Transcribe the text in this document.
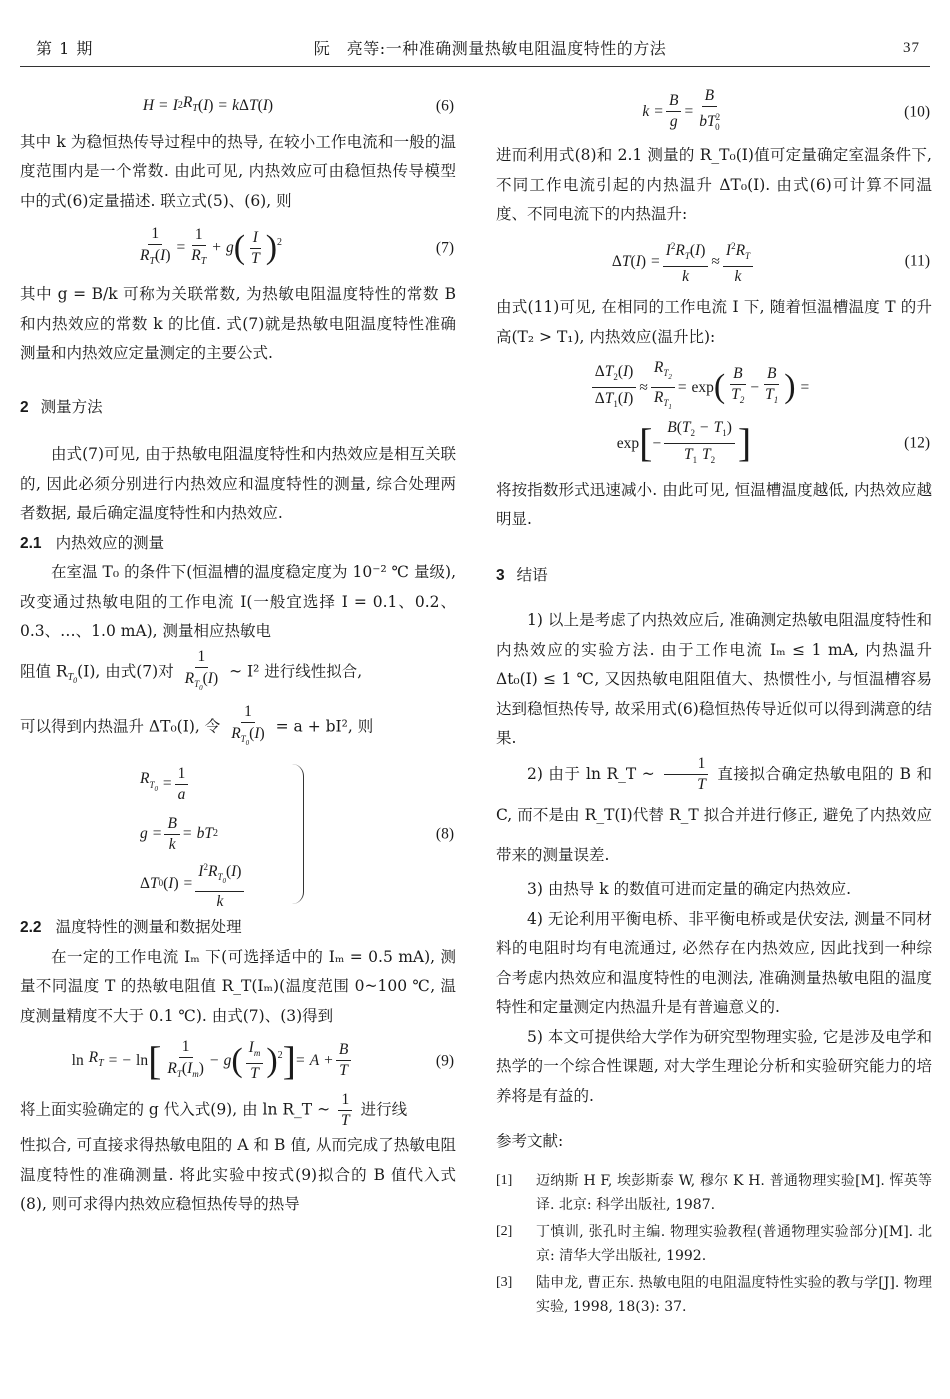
第 1 期	阮　亮等:一种准确测量热敏电阻温度特性的方法	37
H
=
I 2 $R_T$ ( I )
=
k Δ T ( I )	(6)

其中 k 为稳恒热传导过程中的热导, 在较小工作电流和一般的温度范围内是一个常数. 由此可见, 内热效应可由稳恒热传导模型中的式(6)定量描述. 联立式(5)、(6), 则

$\frac{1}{R_T(I)} = \frac{1}{R_T}$ +
g ( $\frac{I}{T} )^2$	(7)

其中 g = B/k 可称为关联常数, 为热敏电阻温度特性的常数 B 和内热效应的常数 k 的比值. 式(7)就是热敏电阻温度特性准确测量和内热效应定量测定的主要公式.

2 测量方法

由式(7)可见, 由于热敏电阻温度特性和内热效应是相互关联的, 因此必须分别进行内热效应和温度特性的测量, 综合处理两者数据, 最后确定温度特性和内热效应.

2.1 内热效应的测量

在室温 T₀ 的条件下(恒温槽的温度稳定度为 10⁻² ℃ 量级), 改变通过热敏电阻的工作电流 I(一般宜选择 I = 0.1、0.2、0.3、…、1.0 mA), 测量相应热敏电

阻值 $R_{T_0}(I)$, 由式(7)对 $\frac{1}{R_{T_0}(I)}$ ~ I² 进行线性拟合,

可以得到内热温升 ΔT₀(I), 令 $\frac{1}{R_{T_0}(I)} = a + bI^2$, 则

$R_{T_0}$
= $\frac{1}{a}$
g
= $\frac{B}{k}$ =
bT 2
Δ T 0 ( I )
= $\frac{I^2R_{T_0}(I)}{k}$
(8)
2.2 温度特性的测量和数据处理

在一定的工作电流 Iₘ 下(可选择适中的 Iₘ = 0.5 mA), 测量不同温度 T 的热敏电阻值 R_T(Iₘ)(温度范围 0~100 ℃, 温度测量精度不大于 0.1 ℃). 由式(7)、(3)得到

ln
$R_T$
=
−
ln [ $\frac{1}{R_T(I_m)}$ −
g ( $\frac{I_m}{T} )^2$ ] =
A
+ $\frac{B}{T}$	(9)

将上面实验确定的 g 代入式(9), 由 ln R_T ~ $\frac{1}{T}$ 进行线

性拟合, 可直接求得热敏电阻的 A 和 B 值, 从而完成了热敏电阻温度特性的准确测量. 将此实验中按式(9)拟合的 B 值代入式(8), 则可求得内热效应稳恒热传导的热导

k
= $\frac{B}{g} = \frac{B}{bT^2_0}$	(10)

进而利用式(8)和 2.1 测量的 R_T₀(I)值可定量确定室温条件下, 不同工作电流引起的内热温升 ΔT₀(I). 由式(6)可计算不同温度、不同电流下的内热温升:

Δ T ( I )
= $\frac{I^2R_T(I)}{k} \approx \frac{I^2R_T}{k}$	(11)

由式(11)可见, 在相同的工作电流 I 下, 随着恒温槽温度 T 的升高(T₂ > T₁), 内热效应(温升比):

$\frac{\Delta T_2(I)}{\Delta T_1(I)} \approx \frac{R_{T_2}}{R_{T_1}}$ =
exp ( $\frac{B}{T_2} - \frac{B}{T_1}$ )
=
exp [ − $\frac{B(T_2 - T_1)}{T_1 T_2}$ ]	(12)

将按指数形式迅速减小. 由此可见, 恒温槽温度越低, 内热效应越明显.

3 结语

1) 以上是考虑了内热效应后, 准确测定热敏电阻温度特性和内热效应的实验方法. 由于工作电流 Iₘ ≤ 1 mA, 内热温升 Δt₀(I) ≤ 1 ℃, 又因热敏电阻阻值大、热惯性小, 与恒温槽容易达到稳恒热传导, 故采用式(6)稳恒热传导近似可以得到满意的结果.

2) 由于 ln R_T ~ $\frac{1}{T}$ 直接拟合确定热敏电阻的 B 和 C, 而不是由 R_T(I)代替 R_T 拟合并进行修正, 避免了内热效应带来的测量误差.

3) 由热导 k 的数值可进而定量的确定内热效应.

4) 无论利用平衡电桥、非平衡电桥或是伏安法, 测量不同材料的电阻时均有电流通过, 必然存在内热效应, 因此找到一种综合考虑内热效应和温度特性的电测法, 准确测量热敏电阻的温度特性和定量测定内热温升是有普遍意义的.

5) 本文可提供给大学作为研究型物理实验, 它是涉及电学和热学的一个综合性课题, 对大学生理论分析和实验研究能力的培养将是有益的.

参考文献:
[1]	迈纳斯 H F, 埃彭斯泰 W, 穆尔 K H. 普通物理实验[M]. 恽英等译. 北京: 科学出版社, 1987.
[2]	丁慎训, 张孔时主编. 物理实验教程(普通物理实验部分)[M]. 北京: 清华大学出版社, 1992.
[3]	陆申龙, 曹正东. 热敏电阻的电阻温度特性实验的教与学[J]. 物理实验, 1998, 18(3): 37.
